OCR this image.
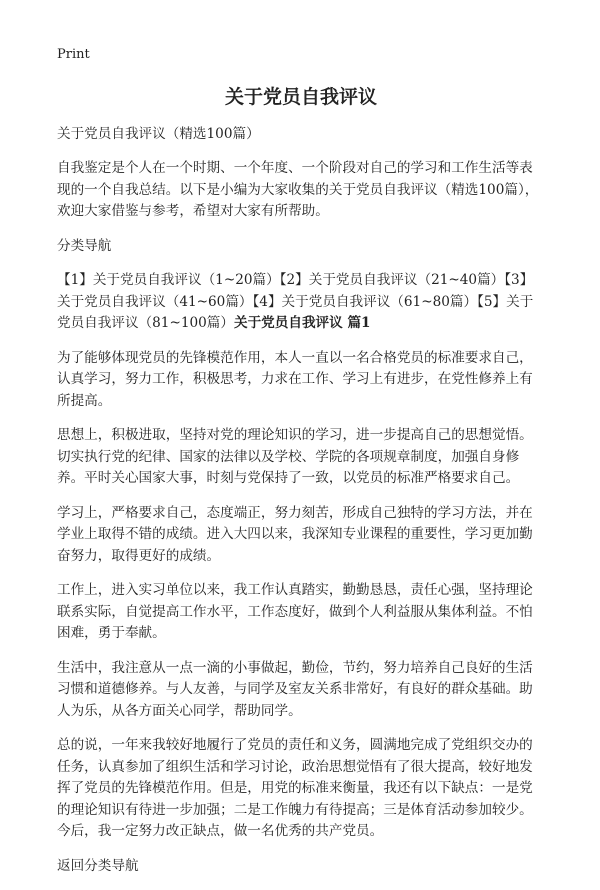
Print
关于党员自我评议

关于党员自我评议（精选100篇）

自我鉴定是个人在一个时期、一个年度、一个阶段对自己的学习和工作生活等表现的一个自我总结。以下是小编为大家收集的关于党员自我评议（精选100篇），欢迎大家借鉴与参考，希望对大家有所帮助。

分类导航

【1】关于党员自我评议（1~20篇）【2】关于党员自我评议（21~40篇）【3】关于党员自我评议（41~60篇）【4】关于党员自我评议（61~80篇）【5】关于党员自我评议（81~100篇）关于党员自我评议 篇1

为了能够体现党员的先锋模范作用，本人一直以一名合格党员的标准要求自己，认真学习，努力工作，积极思考，力求在工作、学习上有进步，在党性修养上有所提高。

思想上，积极进取，坚持对党的理论知识的学习，进一步提高自己的思想觉悟。切实执行党的纪律、国家的法律以及学校、学院的各项规章制度，加强自身修养。平时关心国家大事，时刻与党保持了一致，以党员的标准严格要求自己。

学习上，严格要求自己，态度端正，努力刻苦，形成自己独特的学习方法，并在学业上取得不错的成绩。进入大四以来，我深知专业课程的重要性，学习更加勤奋努力，取得更好的成绩。

工作上，进入实习单位以来，我工作认真踏实，勤勤恳恳，责任心强，坚持理论联系实际，自觉提高工作水平，工作态度好，做到个人利益服从集体利益。不怕困难，勇于奉献。

生活中，我注意从一点一滴的小事做起，勤俭，节约，努力培养自己良好的生活习惯和道德修养。与人友善，与同学及室友关系非常好，有良好的群众基础。助人为乐，从各方面关心同学，帮助同学。

总的说，一年来我较好地履行了党员的责任和义务，圆满地完成了党组织交办的任务，认真参加了组织生活和学习讨论，政治思想觉悟有了很大提高，较好地发挥了党员的先锋模范作用。但是，用党的标准来衡量，我还有以下缺点：一是党的理论知识有待进一步加强；二是工作魄力有待提高；三是体育活动参加较少。今后，我一定努力改正缺点，做一名优秀的共产党员。

返回分类导航
